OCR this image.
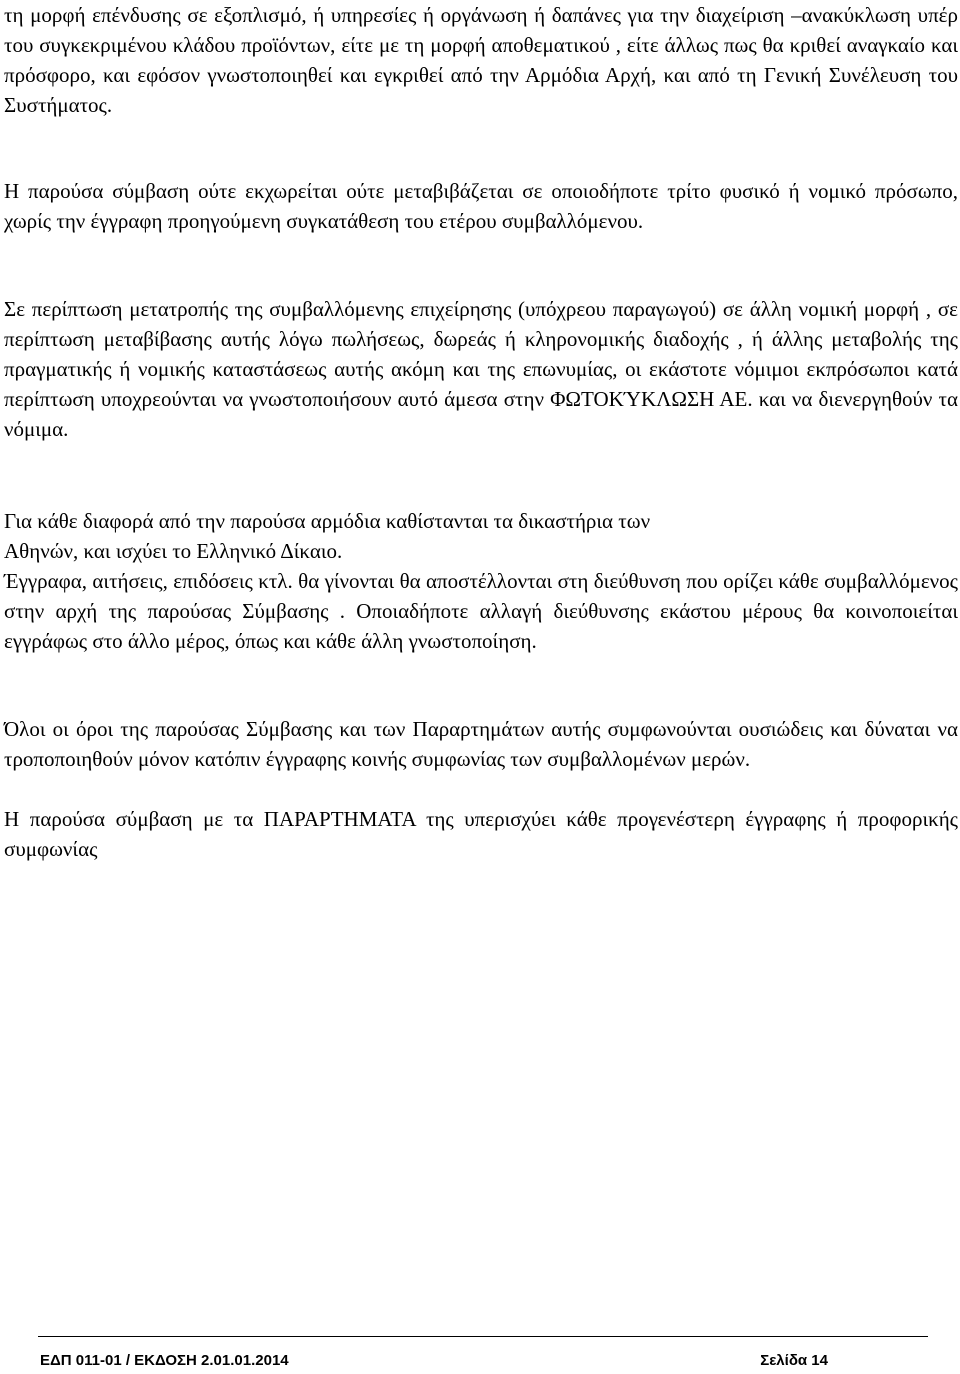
τη μορφή επένδυσης σε εξοπλισμό, ή υπηρεσίες ή οργάνωση ή δαπάνες για την διαχείριση –ανακύκλωση υπέρ του συγκεκριμένου κλάδου προϊόντων, είτε με τη μορφή αποθεματικού , είτε άλλως πως θα κριθεί αναγκαίο και πρόσφορο, και εφόσον γνωστοποιηθεί και εγκριθεί από την Αρμόδια Αρχή, και από τη Γενική Συνέλευση του Συστήματος.

Η παρούσα σύμβαση ούτε εκχωρείται ούτε μεταβιβάζεται σε οποιοδήποτε τρίτο φυσικό ή νομικό πρόσωπο, χωρίς την έγγραφη προηγούμενη συγκατάθεση του ετέρου συμβαλλόμενου.

Σε περίπτωση μετατροπής της συμβαλλόμενης επιχείρησης (υπόχρεου παραγωγού) σε άλλη νομική μορφή , σε περίπτωση μεταβίβασης αυτής λόγω πωλήσεως, δωρεάς ή κληρονομικής διαδοχής , ή άλλης μεταβολής της πραγματικής ή νομικής καταστάσεως αυτής ακόμη και της επωνυμίας, οι εκάστοτε νόμιμοι εκπρόσωποι κατά περίπτωση υποχρεούνται να γνωστοποιήσουν αυτό άμεσα στην ΦΩΤΟΚΎΚΛΩΣΗ ΑΕ. και να διενεργηθούν τα νόμιμα.

Για κάθε διαφορά από την παρούσα αρμόδια καθίστανται τα δικαστήρια των

Αθηνών, και ισχύει το Ελληνικό Δίκαιο.

Έγγραφα, αιτήσεις, επιδόσεις κτλ. θα γίνονται θα αποστέλλονται στη διεύθυνση που ορίζει κάθε συμβαλλόμενος στην αρχή της παρούσας Σύμβασης . Οποιαδήποτε αλλαγή διεύθυνσης εκάστου μέρους θα κοινοποιείται εγγράφως στο άλλο μέρος, όπως και κάθε άλλη γνωστοποίηση.

Όλοι οι όροι της παρούσας Σύμβασης και των Παραρτημάτων αυτής συμφωνούνται ουσιώδεις και δύναται να τροποποιηθούν μόνον κατόπιν έγγραφης κοινής συμφωνίας των συμβαλλομένων μερών.

Η παρούσα σύμβαση με τα ΠΑΡΑΡΤΗΜΑΤΑ της υπερισχύει κάθε προγενέστερη έγγραφης ή προφορικής συμφωνίας

ΕΔΠ 011-01 / ΕΚΔΟΣΗ 2.01.01.2014	Σελίδα 14
